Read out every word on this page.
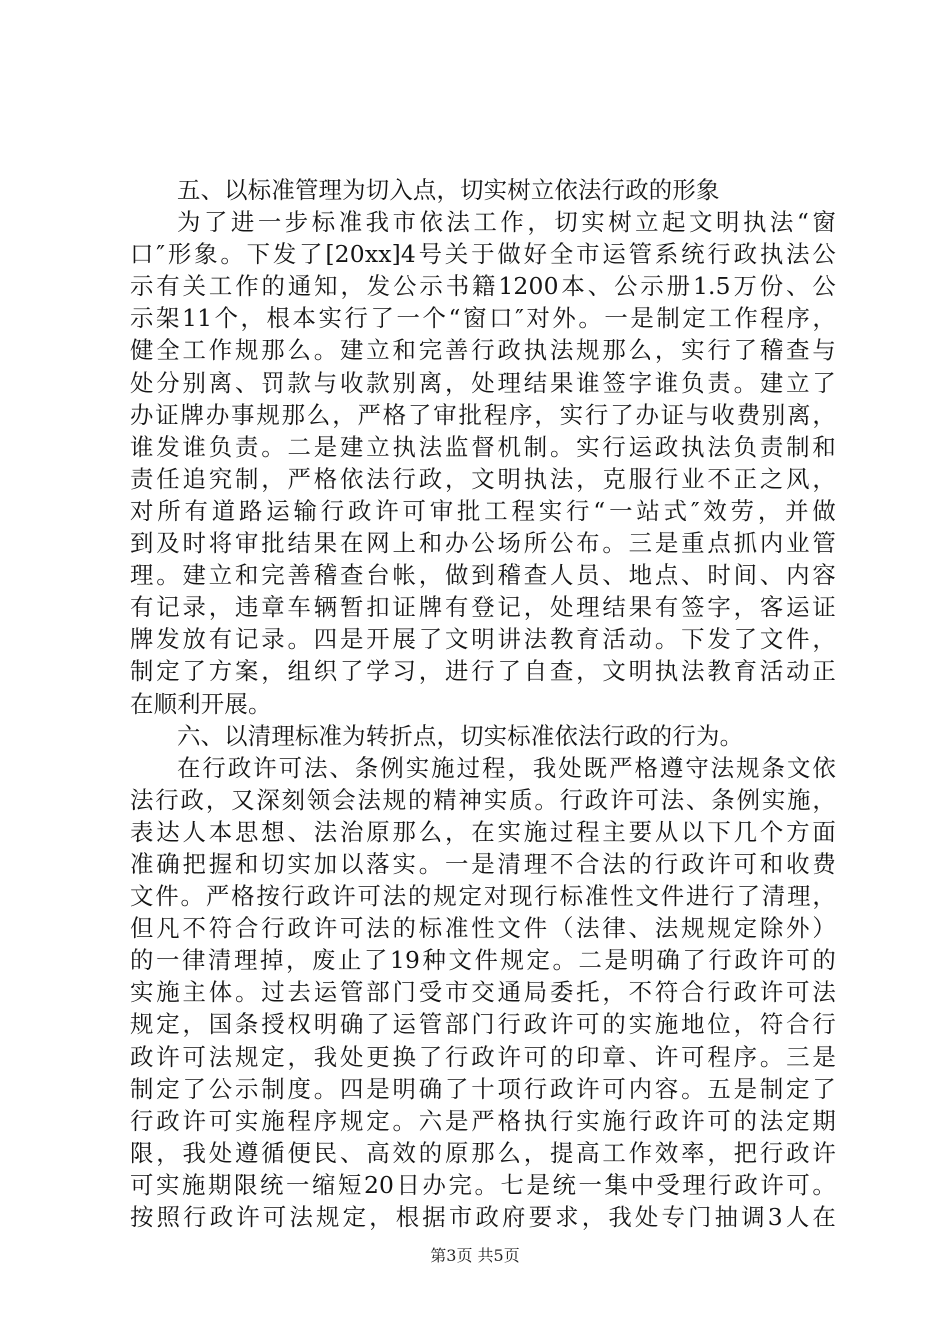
五、以标准管理为切入点，切实树立依法行政的形象
为了进一步标准我市依法工作，切实树立起文明执法“窗
口″形象。下发了[20xx]4号关于做好全市运管系统行政执法公
示有关工作的通知，发公示书籍1200本、公示册1.5万份、公
示架11个，根本实行了一个“窗口″对外。一是制定工作程序，
健全工作规那么。建立和完善行政执法规那么，实行了稽查与
处分别离、罚款与收款别离，处理结果谁签字谁负责。建立了
办证牌办事规那么，严格了审批程序，实行了办证与收费别离，
谁发谁负责。二是建立执法监督机制。实行运政执法负责制和
责任追究制，严格依法行政，文明执法，克服行业不正之风，
对所有道路运输行政许可审批工程实行“一站式″效劳，并做
到及时将审批结果在网上和办公场所公布。三是重点抓内业管
理。建立和完善稽查台帐，做到稽查人员、地点、时间、内容
有记录，违章车辆暂扣证牌有登记，处理结果有签字，客运证
牌发放有记录。四是开展了文明讲法教育活动。下发了文件，
制定了方案，组织了学习，进行了自查，文明执法教育活动正
在顺利开展。
六、以清理标准为转折点，切实标准依法行政的行为。
在行政许可法、条例实施过程，我处既严格遵守法规条文依
法行政，又深刻领会法规的精神实质。行政许可法、条例实施，
表达人本思想、法治原那么，在实施过程主要从以下几个方面
准确把握和切实加以落实。一是清理不合法的行政许可和收费
文件。严格按行政许可法的规定对现行标准性文件进行了清理，
但凡不符合行政许可法的标准性文件（法律、法规规定除外）
的一律清理掉，废止了19种文件规定。二是明确了行政许可的
实施主体。过去运管部门受市交通局委托，不符合行政许可法
规定，国条授权明确了运管部门行政许可的实施地位，符合行
政许可法规定，我处更换了行政许可的印章、许可程序。三是
制定了公示制度。四是明确了十项行政许可内容。五是制定了
行政许可实施程序规定。六是严格执行实施行政许可的法定期
限，我处遵循便民、高效的原那么，提高工作效率，把行政许
可实施期限统一缩短20日办完。七是统一集中受理行政许可。
按照行政许可法规定，根据市政府要求，我处专门抽调3人在
第3页 共5页
